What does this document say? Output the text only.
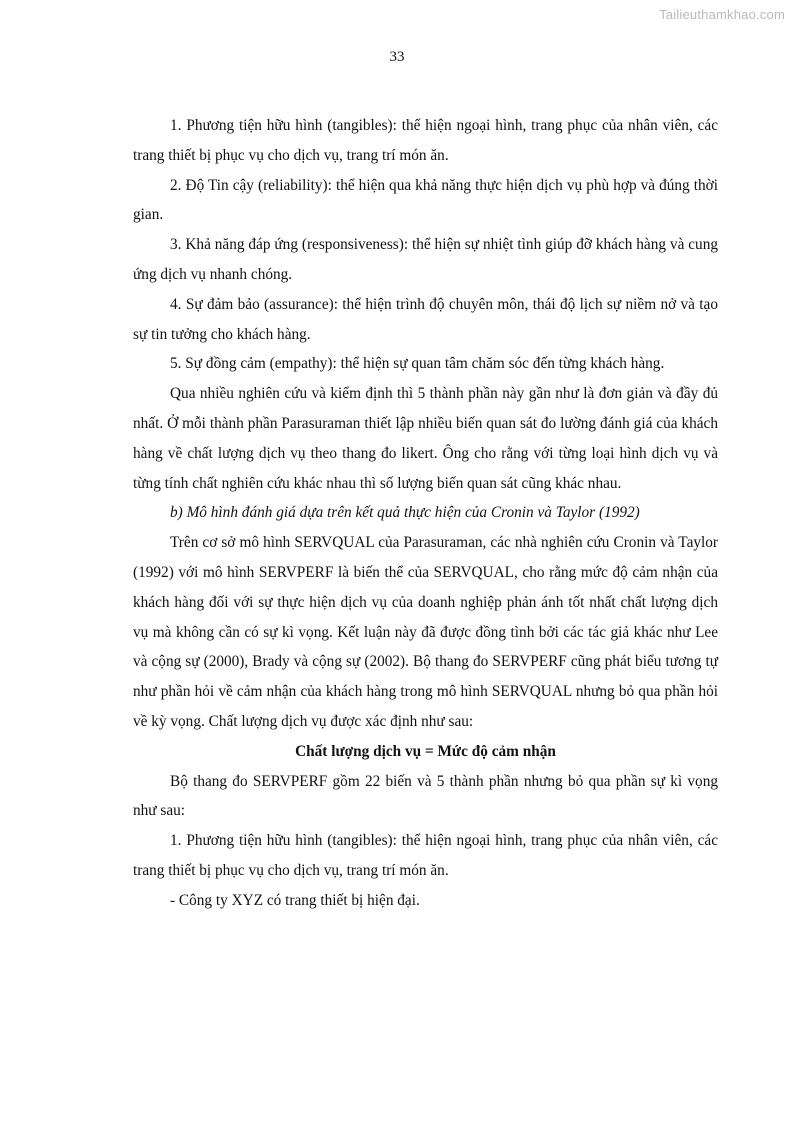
Tailieuthamkhao.com
33

1. Phương tiện hữu hình (tangibles): thể hiện ngoại hình, trang phục của nhân viên, các trang thiết bị phục vụ cho dịch vụ, trang trí món ăn.

2. Độ Tin cậy (reliability): thể hiện qua khả năng thực hiện dịch vụ phù hợp và đúng thời gian.

3. Khả năng đáp ứng (responsiveness): thể hiện sự nhiệt tình giúp đỡ khách hàng và cung ứng dịch vụ nhanh chóng.

4. Sự đảm bảo (assurance): thể hiện trình độ chuyên môn, thái độ lịch sự niềm nở và tạo sự tin tưởng cho khách hàng.

5. Sự đồng cảm (empathy): thể hiện sự quan tâm chăm sóc đến từng khách hàng.

Qua nhiều nghiên cứu và kiểm định thì 5 thành phần này gần như là đơn giản và đầy đủ nhất. Ở mỗi thành phần Parasuraman thiết lập nhiều biến quan sát đo lường đánh giá của khách hàng về chất lượng dịch vụ theo thang đo likert. Ông cho rằng với từng loại hình dịch vụ và từng tính chất nghiên cứu khác nhau thì số lượng biến quan sát cũng khác nhau.

b) Mô hình đánh giá dựa trên kết quả thực hiện của Cronin và Taylor (1992)

Trên cơ sở mô hình SERVQUAL của Parasuraman, các nhà nghiên cứu Cronin và Taylor (1992) với mô hình SERVPERF là biến thể của SERVQUAL, cho rằng mức độ cảm nhận của khách hàng đối với sự thực hiện dịch vụ của doanh nghiệp phản ánh tốt nhất chất lượng dịch vụ mà không cần có sự kì vọng. Kết luận này đã được đồng tình bởi các tác giả khác như Lee và cộng sự (2000), Brady và cộng sự (2002). Bộ thang đo SERVPERF cũng phát biểu tương tự như phần hỏi về cảm nhận của khách hàng trong mô hình SERVQUAL nhưng bỏ qua phần hỏi về kỳ vọng. Chất lượng dịch vụ được xác định như sau:

Chất lượng dịch vụ = Mức độ cảm nhận

Bộ thang đo SERVPERF gồm 22 biến và 5 thành phần nhưng bỏ qua phần sự kì vọng như sau:

1. Phương tiện hữu hình (tangibles): thể hiện ngoại hình, trang phục của nhân viên, các trang thiết bị phục vụ cho dịch vụ, trang trí món ăn.

- Công ty XYZ có trang thiết bị hiện đại.
